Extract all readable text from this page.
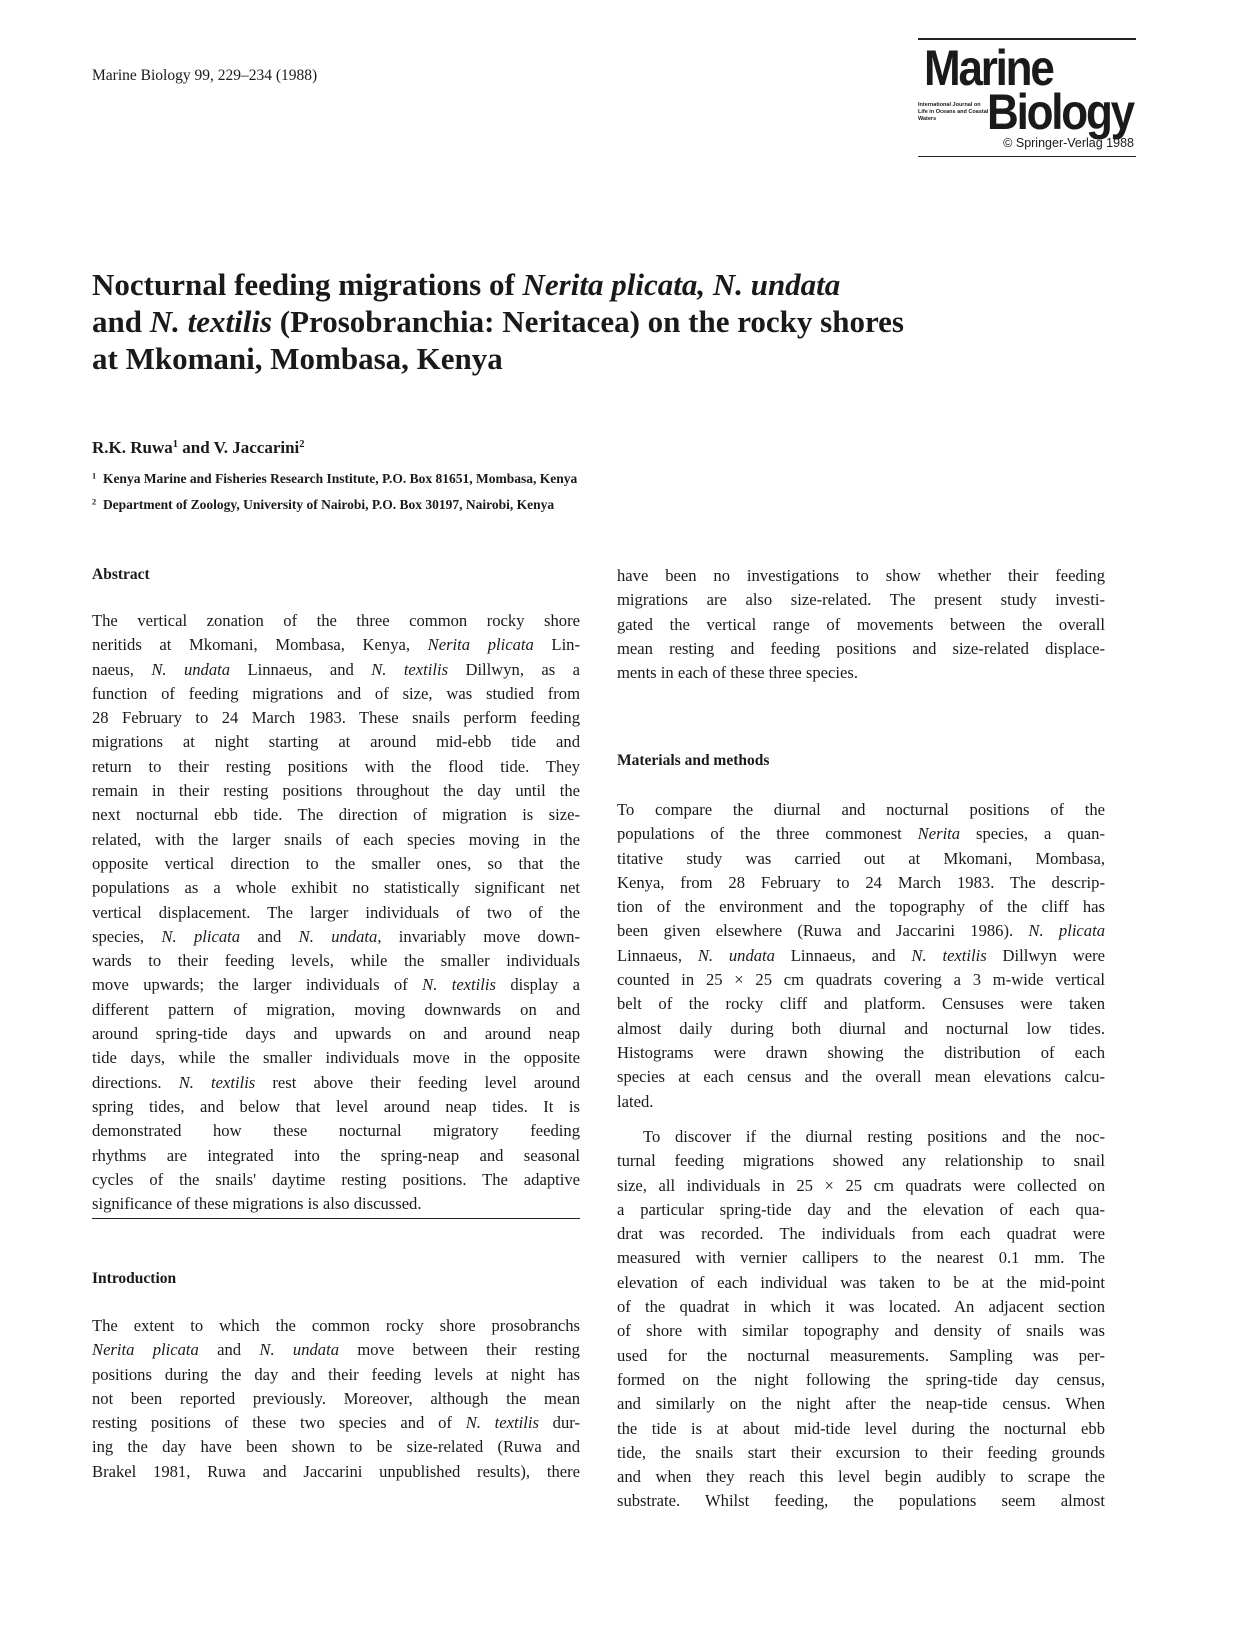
Marine Biology 99, 229–234 (1988)	Marine
International Journal on Life in Oceans and Coastal Waters	Biology
© Springer-Verlag 1988
Nocturnal feeding migrations of Nerita plicata, N. undata
and N. textilis (Prosobranchia: Neritacea) on the rocky shores
at Mkomani, Mombasa, Kenya
R.K. Ruwa$^1$ and V. Jaccarini$^2$
$^1$ Kenya Marine and Fisheries Research Institute, P.O. Box 81651, Mombasa, Kenya
$^2$ Department of Zoology, University of Nairobi, P.O. Box 30197, Nairobi, Kenya
Abstract
The vertical zonation of the three common rocky shore
neritids at Mkomani, Mombasa, Kenya, Nerita plicata Lin-
naeus, N. undata Linnaeus, and N. textilis Dillwyn, as a
function of feeding migrations and of size, was studied from
28 February to 24 March 1983. These snails perform feeding
migrations at night starting at around mid-ebb tide and
return to their resting positions with the flood tide. They
remain in their resting positions throughout the day until the
next nocturnal ebb tide. The direction of migration is size-
related, with the larger snails of each species moving in the
opposite vertical direction to the smaller ones, so that the
populations as a whole exhibit no statistically significant net
vertical displacement. The larger individuals of two of the
species, N. plicata and N. undata, invariably move down-
wards to their feeding levels, while the smaller individuals
move upwards; the larger individuals of N. textilis display a
different pattern of migration, moving downwards on and
around spring-tide days and upwards on and around neap
tide days, while the smaller individuals move in the opposite
directions. N. textilis rest above their feeding level around
spring tides, and below that level around neap tides. It is
demonstrated how these nocturnal migratory feeding
rhythms are integrated into the spring-neap and seasonal
cycles of the snails' daytime resting positions. The adaptive
significance of these migrations is also discussed.
Introduction
The extent to which the common rocky shore prosobranchs
Nerita plicata and N. undata move between their resting
positions during the day and their feeding levels at night has
not been reported previously. Moreover, although the mean
resting positions of these two species and of N. textilis dur-
ing the day have been shown to be size-related (Ruwa and
Brakel 1981, Ruwa and Jaccarini unpublished results), there
have been no investigations to show whether their feeding
migrations are also size-related. The present study investi-
gated the vertical range of movements between the overall
mean resting and feeding positions and size-related displace-
ments in each of these three species.
Materials and methods
To compare the diurnal and nocturnal positions of the
populations of the three commonest Nerita species, a quan-
titative study was carried out at Mkomani, Mombasa,
Kenya, from 28 February to 24 March 1983. The descrip-
tion of the environment and the topography of the cliff has
been given elsewhere (Ruwa and Jaccarini 1986). N. plicata
Linnaeus, N. undata Linnaeus, and N. textilis Dillwyn were
counted in 25 × 25 cm quadrats covering a 3 m-wide vertical
belt of the rocky cliff and platform. Censuses were taken
almost daily during both diurnal and nocturnal low tides.
Histograms were drawn showing the distribution of each
species at each census and the overall mean elevations calcu-
lated.
To discover if the diurnal resting positions and the noc-
turnal feeding migrations showed any relationship to snail
size, all individuals in 25 × 25 cm quadrats were collected on
a particular spring-tide day and the elevation of each qua-
drat was recorded. The individuals from each quadrat were
measured with vernier callipers to the nearest 0.1 mm. The
elevation of each individual was taken to be at the mid-point
of the quadrat in which it was located. An adjacent section
of shore with similar topography and density of snails was
used for the nocturnal measurements. Sampling was per-
formed on the night following the spring-tide day census,
and similarly on the night after the neap-tide census. When
the tide is at about mid-tide level during the nocturnal ebb
tide, the snails start their excursion to their feeding grounds
and when they reach this level begin audibly to scrape the
substrate. Whilst feeding, the populations seem almost
